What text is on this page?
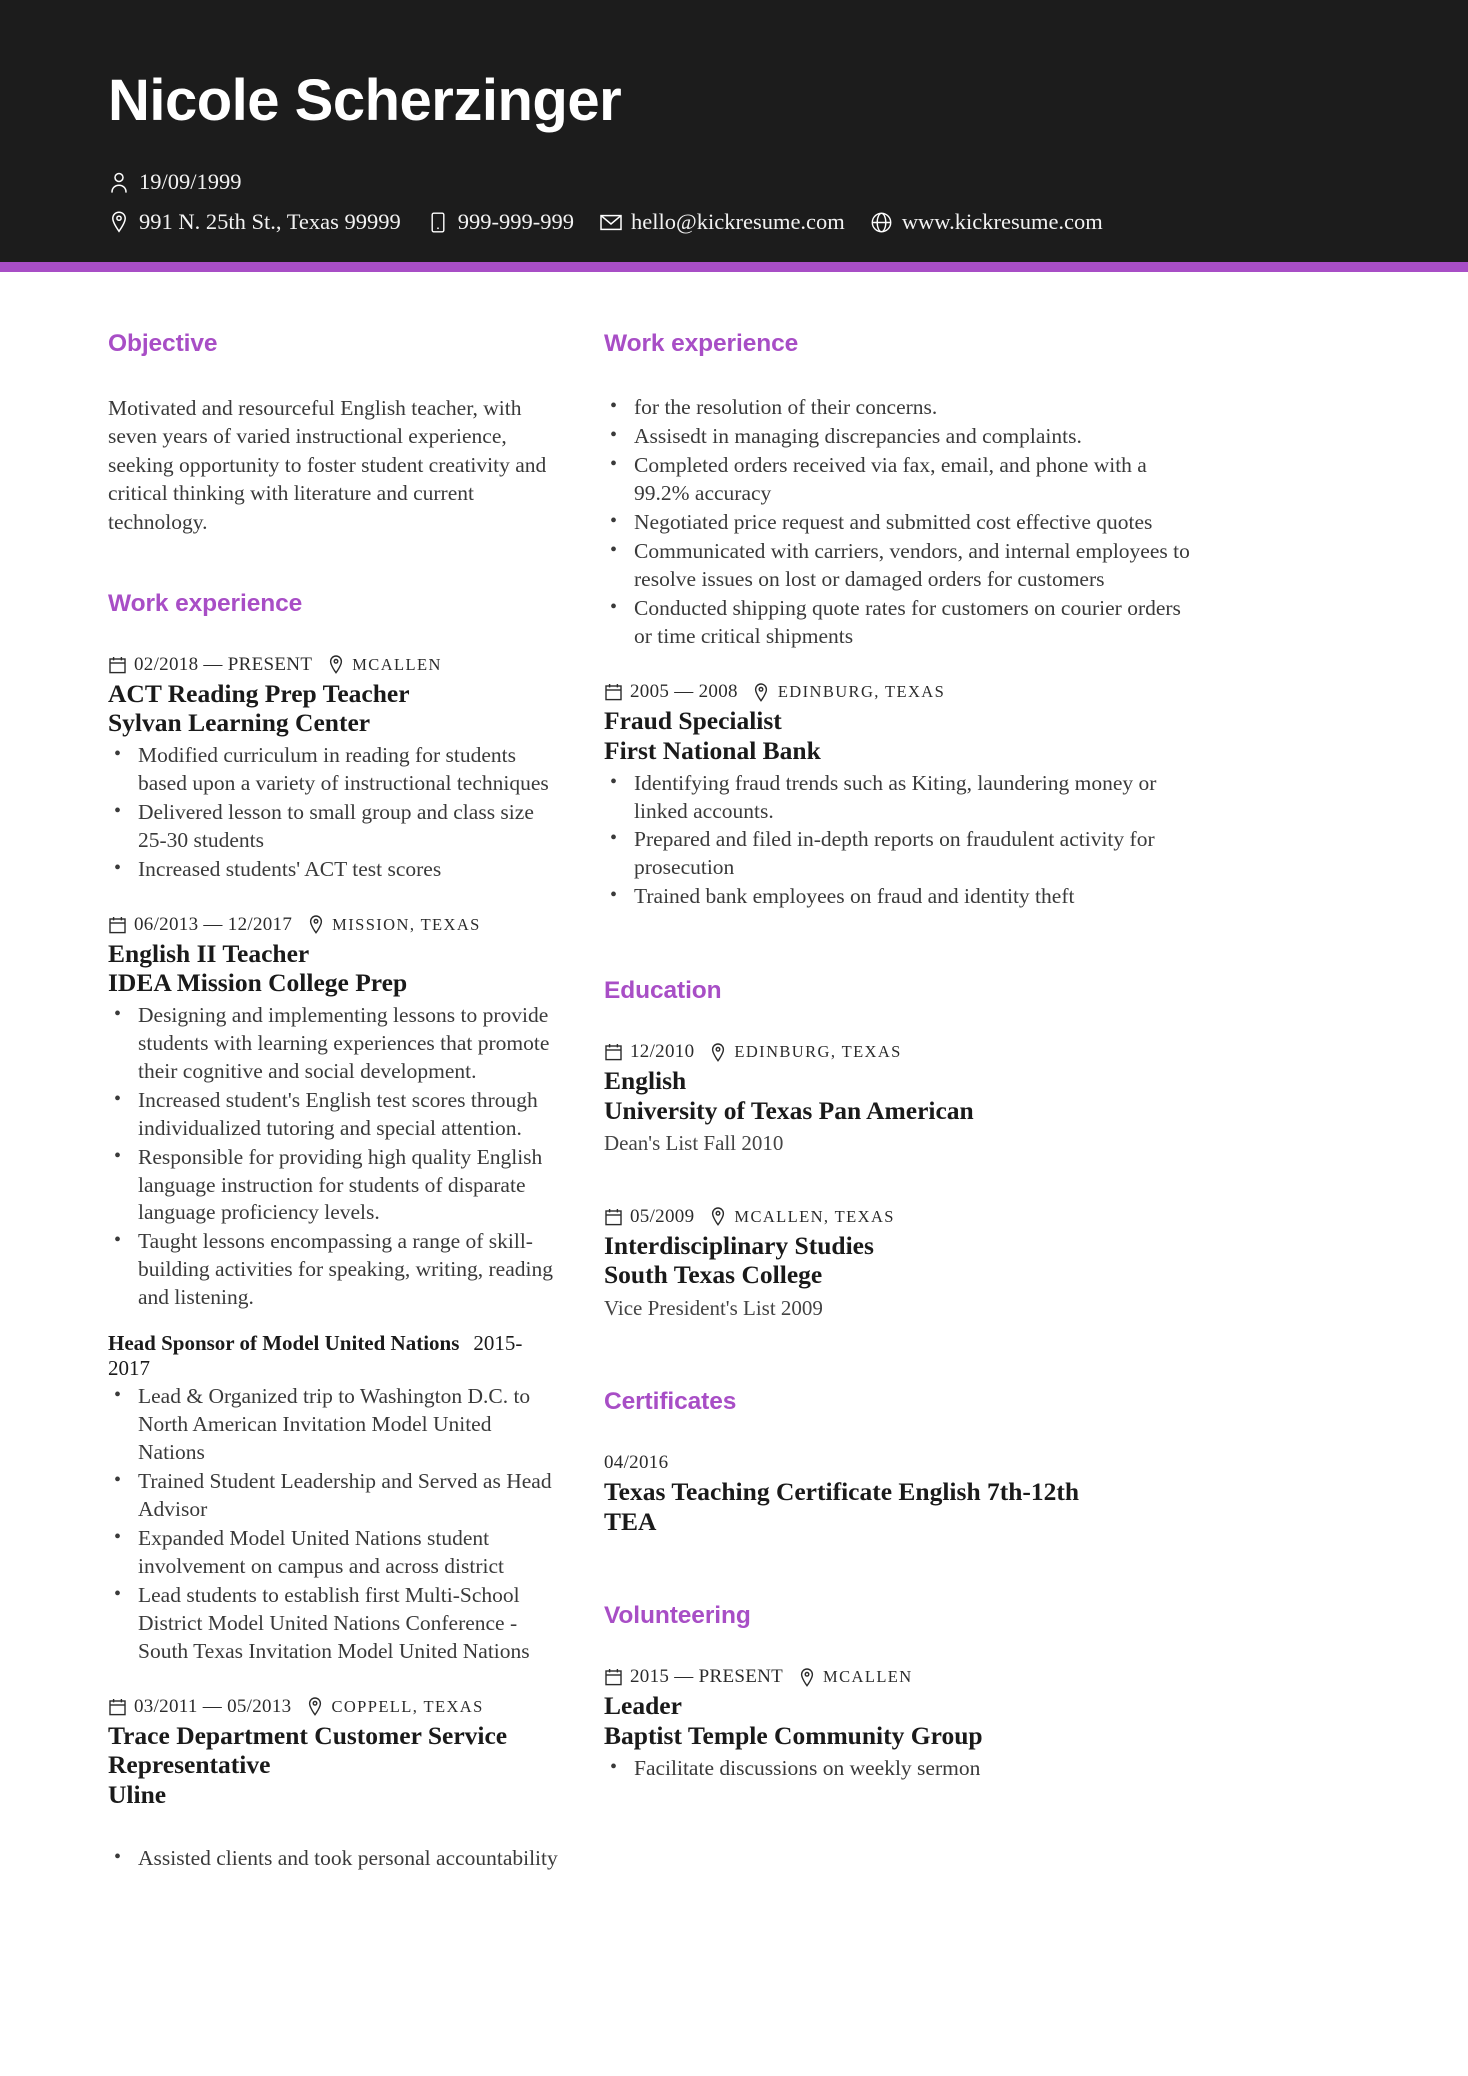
Nicole Scherzinger
19/09/1999
991 N. 25th St., Texas 99999	999-999-999	hello@kickresume.com	www.kickresume.com
Objective

Motivated and resourceful English teacher, with seven years of varied instructional experience, seeking opportunity to foster student creativity and critical thinking with literature and current technology.

Work experience
02/2018 — PRESENT MCALLEN
ACT Reading Prep Teacher
Sylvan Learning Center
• Modified curriculum in reading for students based upon a variety of instructional techniques
• Delivered lesson to small group and class size 25-30 students
• Increased students' ACT test scores
06/2013 — 12/2017 MISSION, TEXAS
English II Teacher
IDEA Mission College Prep
• Designing and implementing lessons to provide students with learning experiences that promote their cognitive and social development.
• Increased student's English test scores through individualized tutoring and special attention.
• Responsible for providing high quality English language instruction for students of disparate language proficiency levels.
• Taught lessons encompassing a range of skill-building activities for speaking, writing, reading and listening.
Head Sponsor of Model United Nations 2015-2017
• Lead & Organized trip to Washington D.C. to North American Invitation Model United Nations
• Trained Student Leadership and Served as Head Advisor
• Expanded Model United Nations student involvement on campus and across district
• Lead students to establish first Multi-School District Model United Nations Conference - South Texas Invitation Model United Nations
03/2011 — 05/2013 COPPELL, TEXAS
Trace Department Customer Service Representative
Uline
• Assisted clients and took personal accountability
Work experience
• for the resolution of their concerns.
• Assisedt in managing discrepancies and complaints.
• Completed orders received via fax, email, and phone with a 99.2% accuracy
• Negotiated price request and submitted cost effective quotes
• Communicated with carriers, vendors, and internal employees to resolve issues on lost or damaged orders for customers
• Conducted shipping quote rates for customers on courier orders or time critical shipments
2005 — 2008 EDINBURG, TEXAS
Fraud Specialist
First National Bank
• Identifying fraud trends such as Kiting, laundering money or linked accounts.
• Prepared and filed in-depth reports on fraudulent activity for prosecution
• Trained bank employees on fraud and identity theft
Education
12/2010 EDINBURG, TEXAS
English
University of Texas Pan American

Dean's List Fall 2010

05/2009 MCALLEN, TEXAS
Interdisciplinary Studies
South Texas College

Vice President's List 2009

Certificates
04/2016
Texas Teaching Certificate English 7th-12th
TEA
Volunteering
2015 — PRESENT MCALLEN
Leader
Baptist Temple Community Group
• Facilitate discussions on weekly sermon
